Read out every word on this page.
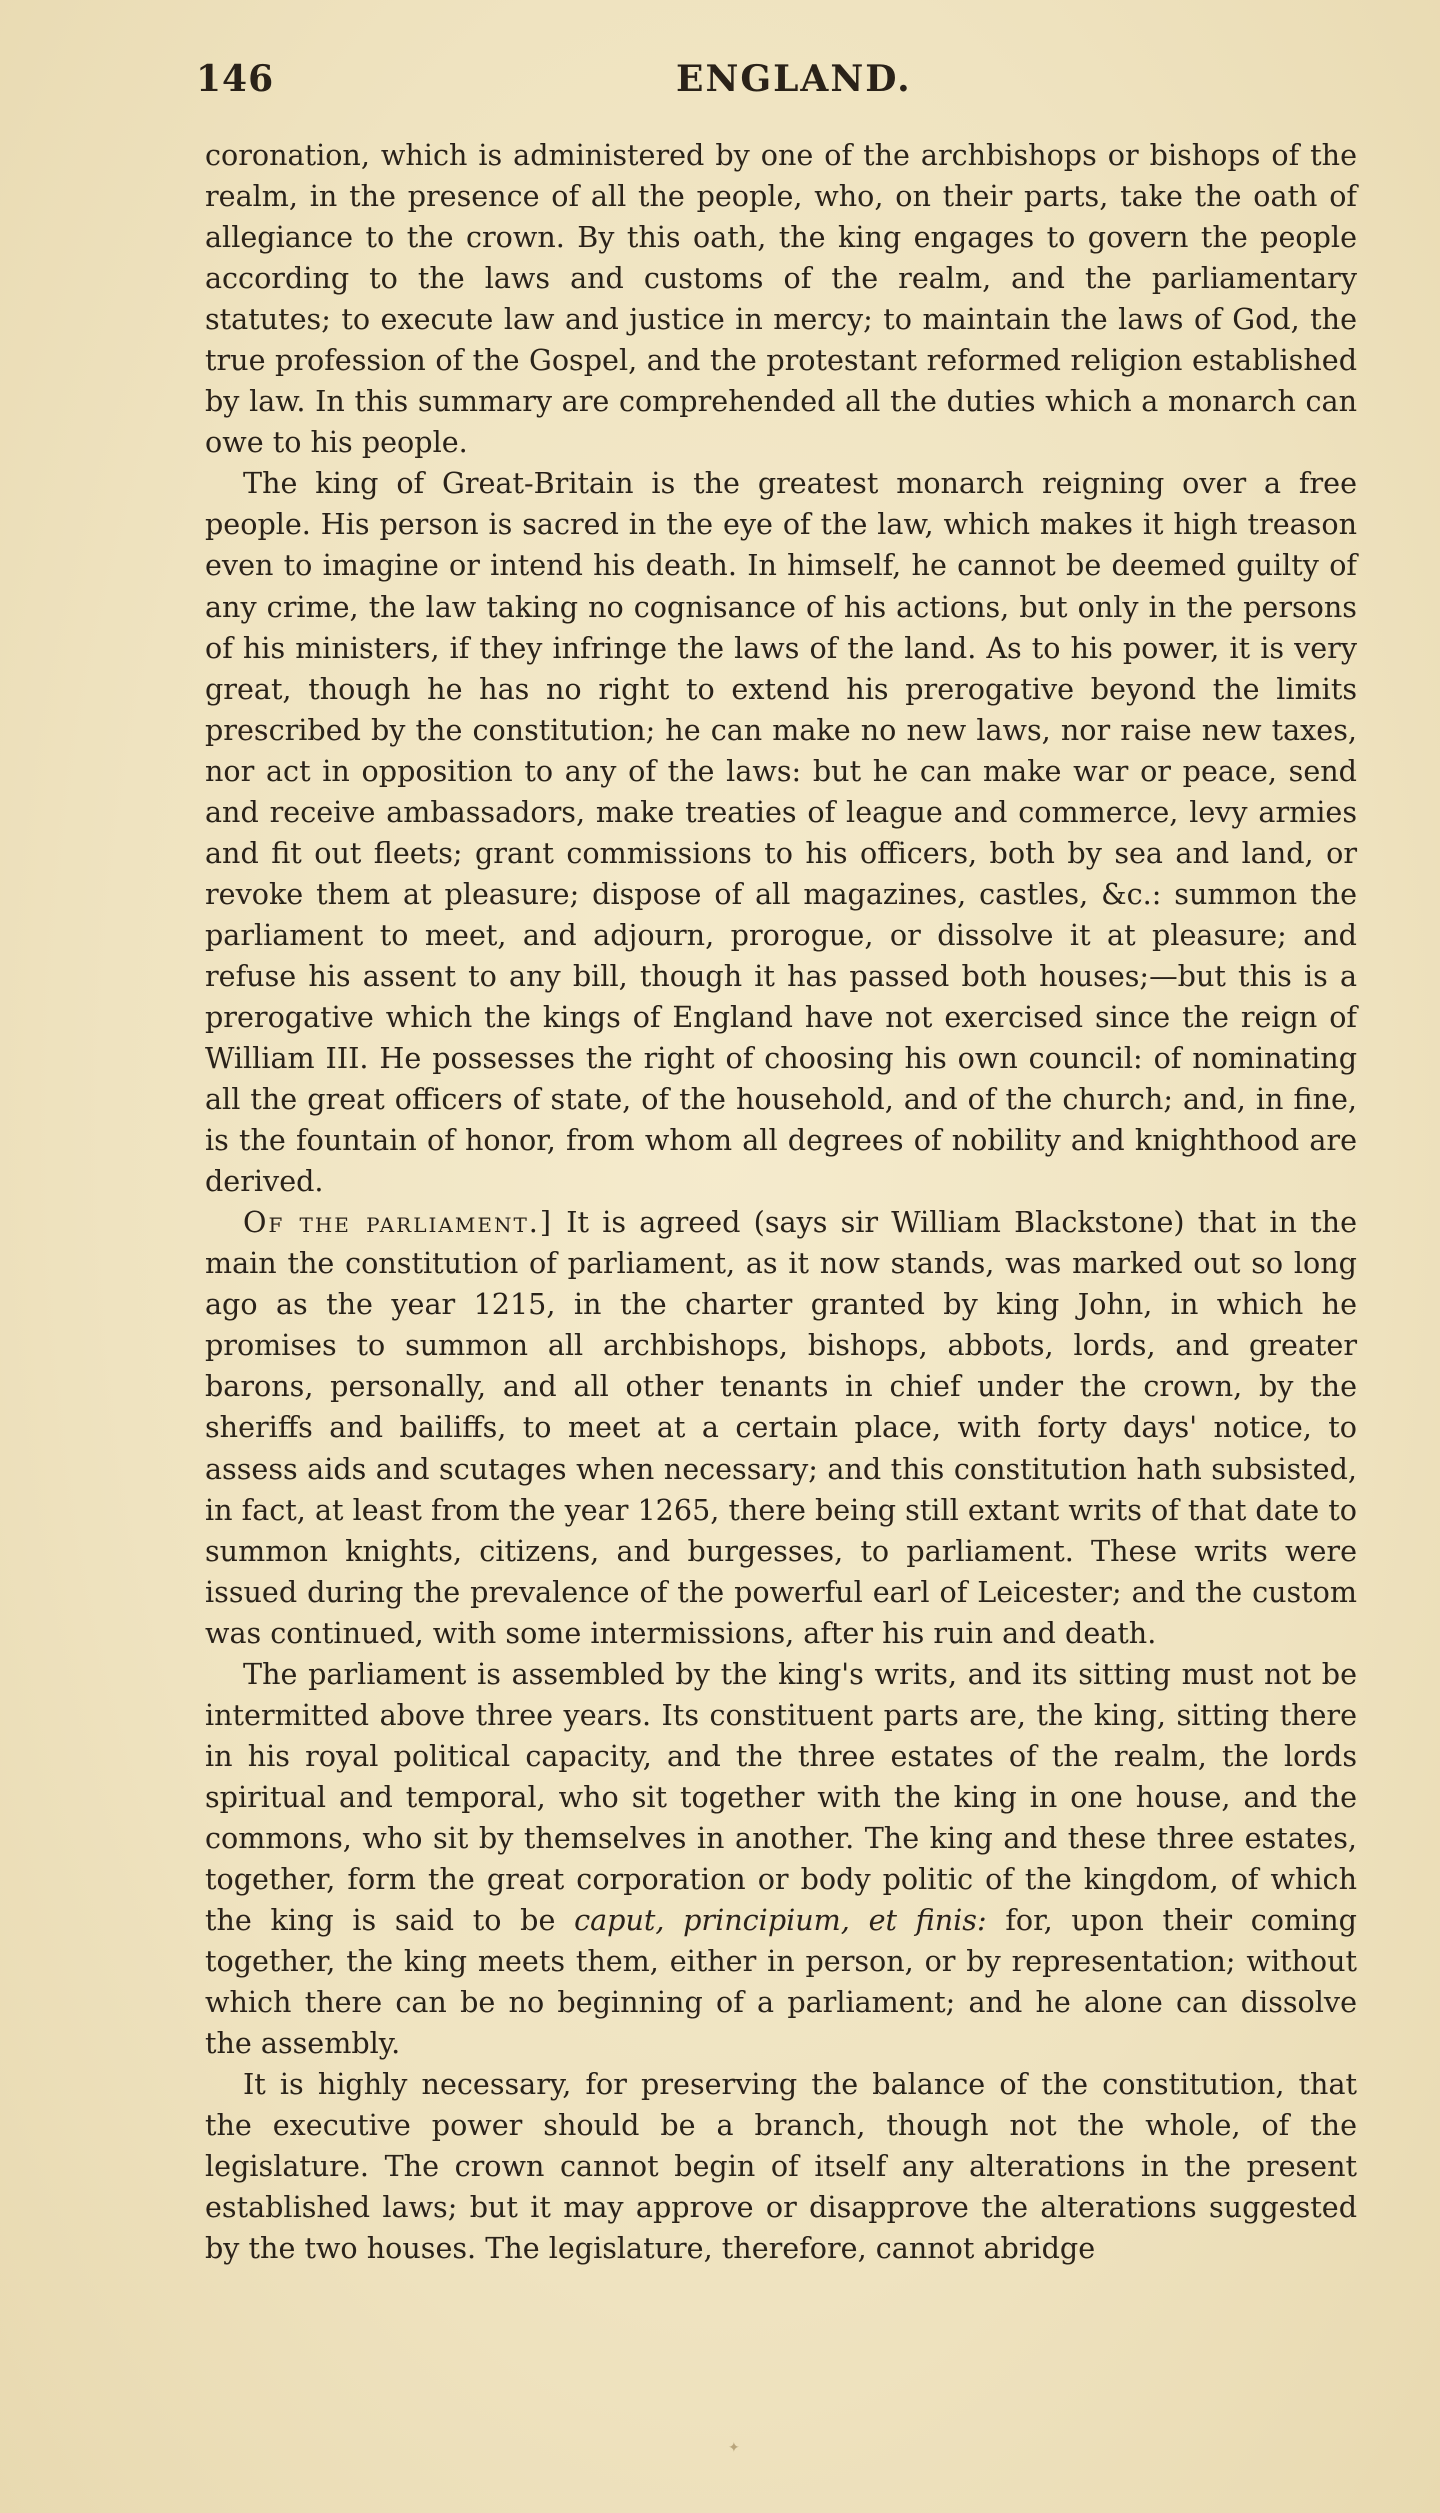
146	ENGLAND.

coronation, which is administered by one of the archbishops or bishops of the realm, in the presence of all the people, who, on their parts, take the oath of allegiance to the crown. By this oath, the king engages to govern the people according to the laws and customs of the realm, and the parliamentary statutes; to execute law and justice in mercy; to maintain the laws of God, the true profession of the Gospel, and the protestant reformed religion established by law. In this summary are comprehended all the duties which a monarch can owe to his people.

The king of Great-Britain is the greatest monarch reigning over a free people. His person is sacred in the eye of the law, which makes it high treason even to imagine or intend his death. In himself, he cannot be deemed guilty of any crime, the law taking no cognisance of his actions, but only in the persons of his ministers, if they infringe the laws of the land. As to his power, it is very great, though he has no right to extend his prerogative beyond the limits prescribed by the constitution; he can make no new laws, nor raise new taxes, nor act in opposition to any of the laws: but he can make war or peace, send and receive ambassadors, make treaties of league and commerce, levy armies and fit out fleets; grant commissions to his officers, both by sea and land, or revoke them at pleasure; dispose of all magazines, castles, &c.: summon the parliament to meet, and adjourn, prorogue, or dissolve it at pleasure; and refuse his assent to any bill, though it has passed both houses;—but this is a prerogative which the kings of England have not exercised since the reign of William III. He possesses the right of choosing his own council: of nominating all the great officers of state, of the household, and of the church; and, in fine, is the fountain of honor, from whom all degrees of nobility and knighthood are derived.

Of the parliament.] It is agreed (says sir William Blackstone) that in the main the constitution of parliament, as it now stands, was marked out so long ago as the year 1215, in the charter granted by king John, in which he promises to summon all archbishops, bishops, abbots, lords, and greater barons, personally, and all other tenants in chief under the crown, by the sheriffs and bailiffs, to meet at a certain place, with forty days' notice, to assess aids and scutages when necessary; and this constitution hath subsisted, in fact, at least from the year 1265, there being still extant writs of that date to summon knights, citizens, and burgesses, to parliament. These writs were issued during the prevalence of the powerful earl of Leicester; and the custom was continued, with some intermissions, after his ruin and death.

The parliament is assembled by the king's writs, and its sitting must not be intermitted above three years. Its constituent parts are, the king, sitting there in his royal political capacity, and the three estates of the realm, the lords spiritual and temporal, who sit together with the king in one house, and the commons, who sit by themselves in another. The king and these three estates, together, form the great corporation or body politic of the kingdom, of which the king is said to be caput, principium, et finis: for, upon their coming together, the king meets them, either in person, or by representation; without which there can be no beginning of a parliament; and he alone can dissolve the assembly.

It is highly necessary, for preserving the balance of the constitution, that the executive power should be a branch, though not the whole, of the legislature. The crown cannot begin of itself any alterations in the present established laws; but it may approve or disapprove the alterations suggested by the two houses. The legislature, therefore, cannot abridge

✦
